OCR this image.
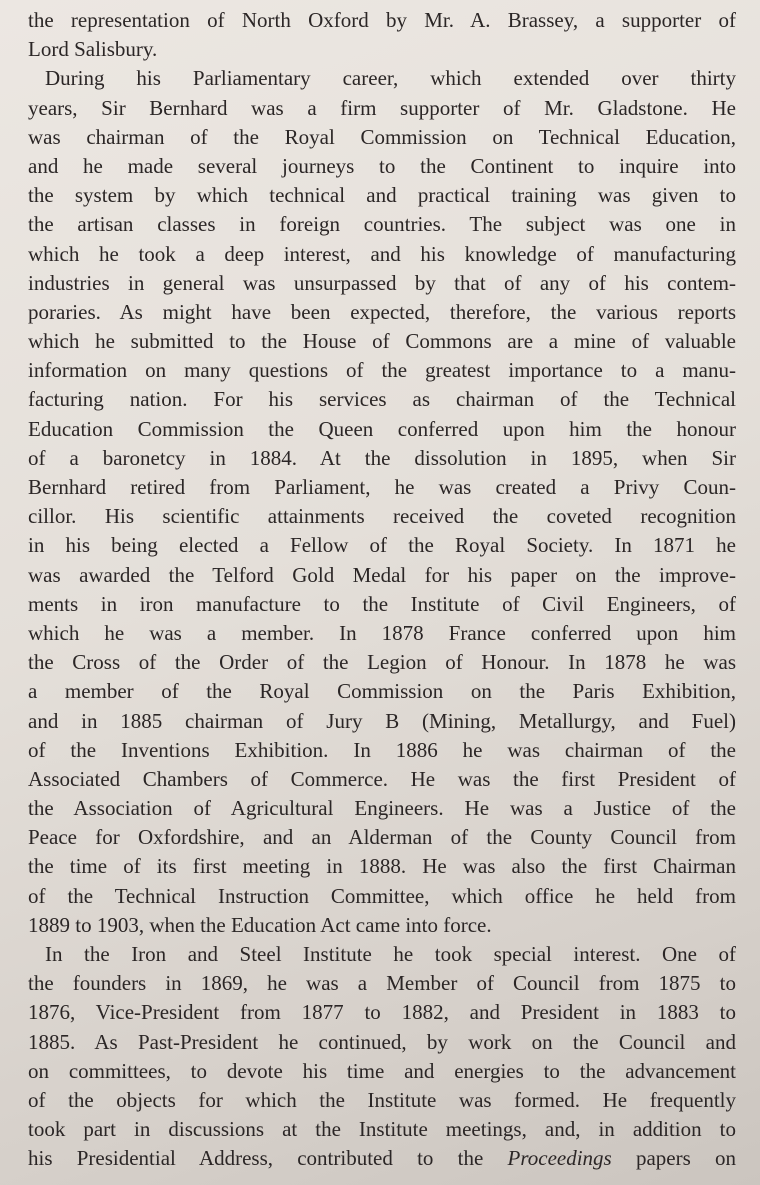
the representation of North Oxford by Mr. A. Brassey, a supporter of
Lord Salisbury.
During his Parliamentary career, which extended over thirty
years, Sir Bernhard was a firm supporter of Mr. Gladstone. He
was chairman of the Royal Commission on Technical Education,
and he made several journeys to the Continent to inquire into
the system by which technical and practical training was given to
the artisan classes in foreign countries. The subject was one in
which he took a deep interest, and his knowledge of manufacturing
industries in general was unsurpassed by that of any of his contem-
poraries. As might have been expected, therefore, the various reports
which he submitted to the House of Commons are a mine of valuable
information on many questions of the greatest importance to a manu-
facturing nation. For his services as chairman of the Technical
Education Commission the Queen conferred upon him the honour
of a baronetcy in 1884. At the dissolution in 1895, when Sir
Bernhard retired from Parliament, he was created a Privy Coun-
cillor. His scientific attainments received the coveted recognition
in his being elected a Fellow of the Royal Society. In 1871 he
was awarded the Telford Gold Medal for his paper on the improve-
ments in iron manufacture to the Institute of Civil Engineers, of
which he was a member. In 1878 France conferred upon him
the Cross of the Order of the Legion of Honour. In 1878 he was
a member of the Royal Commission on the Paris Exhibition,
and in 1885 chairman of Jury B (Mining, Metallurgy, and Fuel)
of the Inventions Exhibition. In 1886 he was chairman of the
Associated Chambers of Commerce. He was the first President of
the Association of Agricultural Engineers. He was a Justice of the
Peace for Oxfordshire, and an Alderman of the County Council from
the time of its first meeting in 1888. He was also the first Chairman
of the Technical Instruction Committee, which office he held from
1889 to 1903, when the Education Act came into force.
In the Iron and Steel Institute he took special interest. One of
the founders in 1869, he was a Member of Council from 1875 to
1876, Vice-President from 1877 to 1882, and President in 1883 to
1885. As Past-President he continued, by work on the Council and
on committees, to devote his time and energies to the advancement
of the objects for which the Institute was formed. He frequently
took part in discussions at the Institute meetings, and, in addition to
his Presidential Address, contributed to the Proceedings papers on
